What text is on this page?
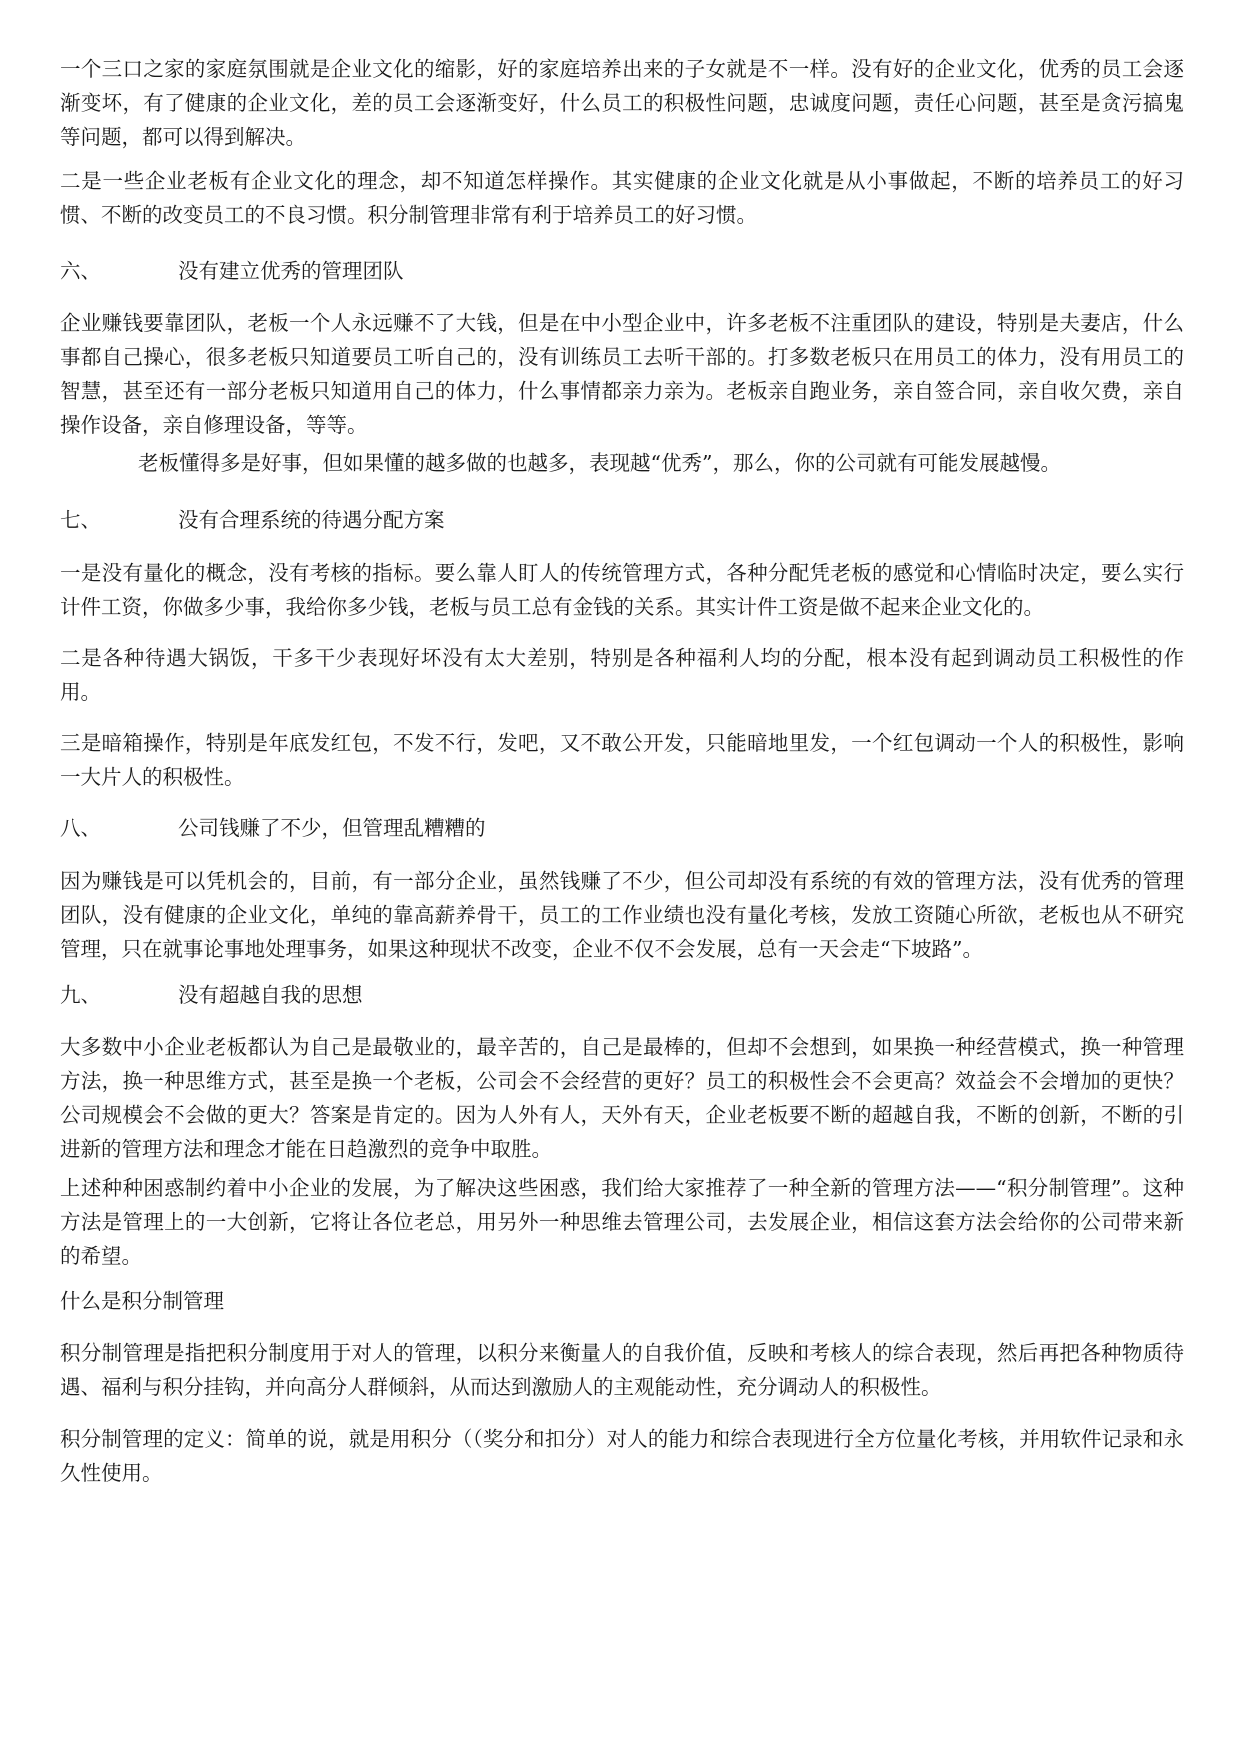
一个三口之家的家庭氛围就是企业文化的缩影，好的家庭培养出来的子女就是不一样。没有好的企业文化，优秀的员工会逐渐变坏，有了健康的企业文化，差的员工会逐渐变好，什么员工的积极性问题，忠诚度问题，责任心问题，甚至是贪污搞鬼等问题，都可以得到解决。

二是一些企业老板有企业文化的理念，却不知道怎样操作。其实健康的企业文化就是从小事做起，不断的培养员工的好习惯、不断的改变员工的不良习惯。积分制管理非常有利于培养员工的好习惯。

六、	没有建立优秀的管理团队

企业赚钱要靠团队，老板一个人永远赚不了大钱，但是在中小型企业中，许多老板不注重团队的建设，特别是夫妻店，什么事都自己操心，很多老板只知道要员工听自己的，没有训练员工去听干部的。打多数老板只在用员工的体力，没有用员工的智慧，甚至还有一部分老板只知道用自己的体力，什么事情都亲力亲为。老板亲自跑业务，亲自签合同，亲自收欠费，亲自操作设备，亲自修理设备，等等。

老板懂得多是好事，但如果懂的越多做的也越多，表现越“优秀”，那么，你的公司就有可能发展越慢。

七、	没有合理系统的待遇分配方案

一是没有量化的概念，没有考核的指标。要么靠人盯人的传统管理方式，各种分配凭老板的感觉和心情临时决定，要么实行计件工资，你做多少事，我给你多少钱，老板与员工总有金钱的关系。其实计件工资是做不起来企业文化的。

二是各种待遇大锅饭，干多干少表现好坏没有太大差别，特别是各种福利人均的分配，根本没有起到调动员工积极性的作用。

三是暗箱操作，特别是年底发红包，不发不行，发吧，又不敢公开发，只能暗地里发，一个红包调动一个人的积极性，影响一大片人的积极性。

八、	公司钱赚了不少，但管理乱糟糟的

因为赚钱是可以凭机会的，目前，有一部分企业，虽然钱赚了不少，但公司却没有系统的有效的管理方法，没有优秀的管理团队，没有健康的企业文化，单纯的靠高薪养骨干，员工的工作业绩也没有量化考核，发放工资随心所欲，老板也从不研究管理，只在就事论事地处理事务，如果这种现状不改变，企业不仅不会发展，总有一天会走“下坡路”。

九、	没有超越自我的思想

大多数中小企业老板都认为自己是最敬业的，最辛苦的，自己是最棒的，但却不会想到，如果换一种经营模式，换一种管理方法，换一种思维方式，甚至是换一个老板，公司会不会经营的更好？员工的积极性会不会更高？效益会不会增加的更快？公司规模会不会做的更大？答案是肯定的。因为人外有人，天外有天，企业老板要不断的超越自我，不断的创新，不断的引进新的管理方法和理念才能在日趋激烈的竞争中取胜。

上述种种困惑制约着中小企业的发展，为了解决这些困惑，我们给大家推荐了一种全新的管理方法——“积分制管理”。这种方法是管理上的一大创新，它将让各位老总，用另外一种思维去管理公司，去发展企业，相信这套方法会给你的公司带来新的希望。

什么是积分制管理

积分制管理是指把积分制度用于对人的管理，以积分来衡量人的自我价值，反映和考核人的综合表现，然后再把各种物质待遇、福利与积分挂钩，并向高分人群倾斜，从而达到激励人的主观能动性，充分调动人的积极性。

积分制管理的定义：简单的说，就是用积分（（奖分和扣分）对人的能力和综合表现进行全方位量化考核，并用软件记录和永久性使用。
